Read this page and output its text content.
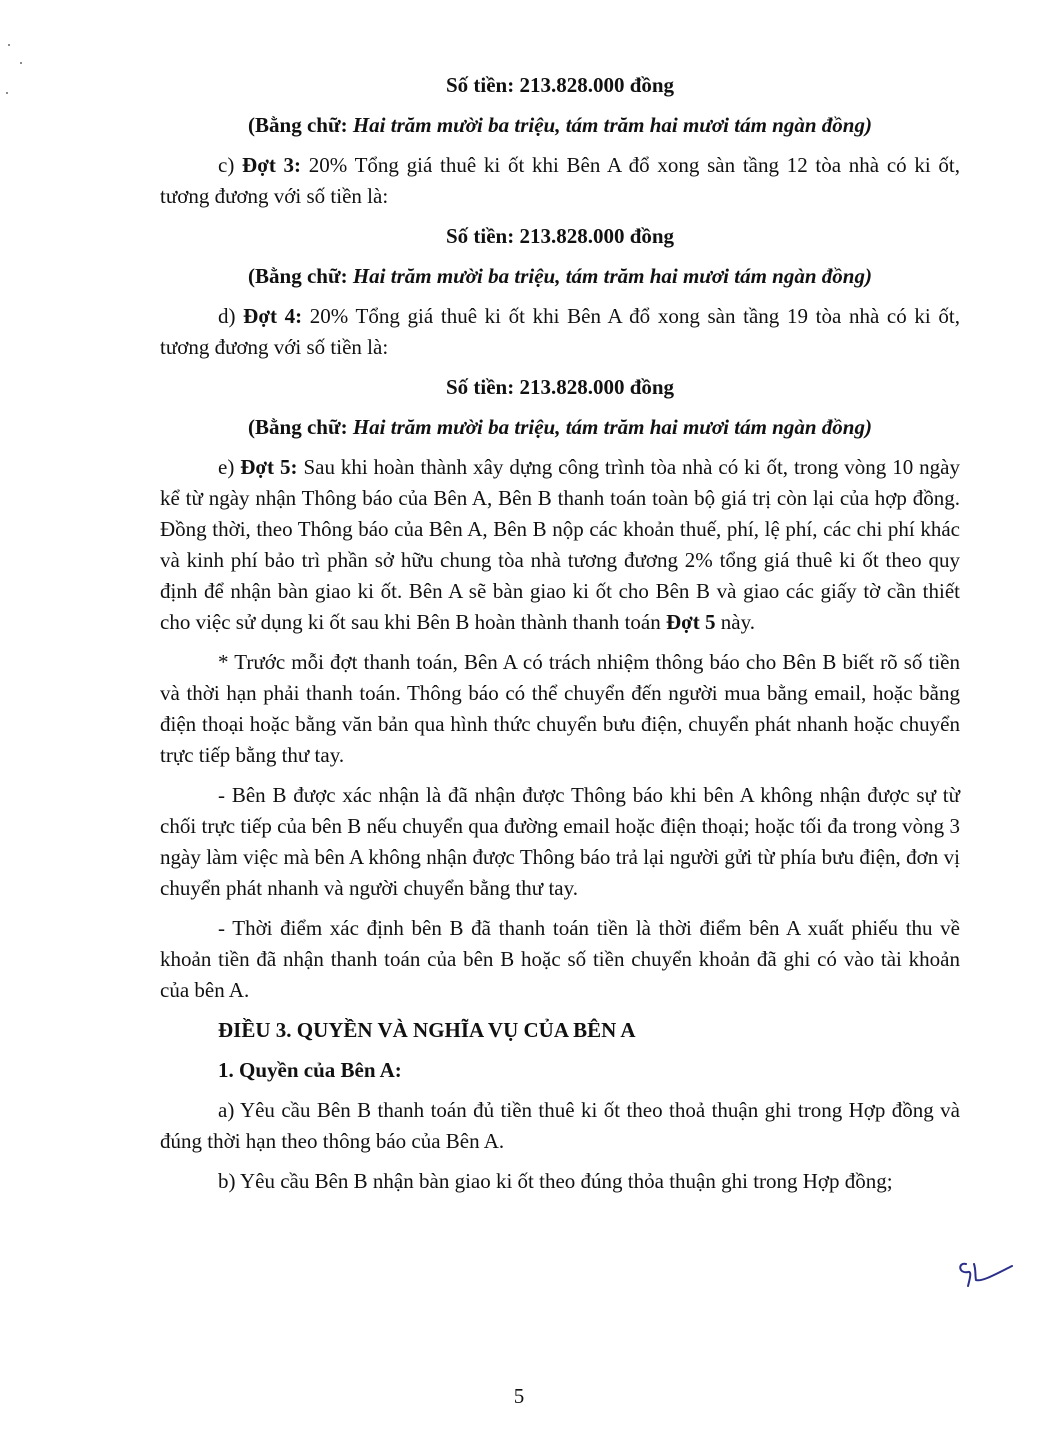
Số tiền: 213.828.000 đồng

(Bằng chữ: Hai trăm mười ba triệu, tám trăm hai mươi tám ngàn đồng)

c) Đợt 3: 20% Tổng giá thuê ki ốt khi Bên A đổ xong sàn tầng 12 tòa nhà có ki ốt, tương đương với số tiền là:

Số tiền: 213.828.000 đồng

(Bằng chữ: Hai trăm mười ba triệu, tám trăm hai mươi tám ngàn đồng)

d) Đợt 4: 20% Tổng giá thuê ki ốt khi Bên A đổ xong sàn tầng 19 tòa nhà có ki ốt, tương đương với số tiền là:

Số tiền: 213.828.000 đồng

(Bằng chữ: Hai trăm mười ba triệu, tám trăm hai mươi tám ngàn đồng)

e) Đợt 5: Sau khi hoàn thành xây dựng công trình tòa nhà có ki ốt, trong vòng 10 ngày kể từ ngày nhận Thông báo của Bên A, Bên B thanh toán toàn bộ giá trị còn lại của hợp đồng. Đồng thời, theo Thông báo của Bên A, Bên B nộp các khoản thuế, phí, lệ phí, các chi phí khác và kinh phí bảo trì phần sở hữu chung tòa nhà tương đương 2% tổng giá thuê ki ốt theo quy định để nhận bàn giao ki ốt. Bên A sẽ bàn giao ki ốt cho Bên B và giao các giấy tờ cần thiết cho việc sử dụng ki ốt sau khi Bên B hoàn thành thanh toán Đợt 5 này.

* Trước mỗi đợt thanh toán, Bên A có trách nhiệm thông báo cho Bên B biết rõ số tiền và thời hạn phải thanh toán. Thông báo có thể chuyển đến người mua bằng email, hoặc bằng điện thoại hoặc bằng văn bản qua hình thức chuyển bưu điện, chuyển phát nhanh hoặc chuyển trực tiếp bằng thư tay.

- Bên B được xác nhận là đã nhận được Thông báo khi bên A không nhận được sự từ chối trực tiếp của bên B nếu chuyển qua đường email hoặc điện thoại; hoặc tối đa trong vòng 3 ngày làm việc mà bên A không nhận được Thông báo trả lại người gửi từ phía bưu điện, đơn vị chuyển phát nhanh và người chuyển bằng thư tay.

- Thời điểm xác định bên B đã thanh toán tiền là thời điểm bên A xuất phiếu thu về khoản tiền đã nhận thanh toán của bên B hoặc số tiền chuyển khoản đã ghi có vào tài khoản của bên A.

ĐIỀU 3. QUYỀN VÀ NGHĨA VỤ CỦA BÊN A

1. Quyền của Bên A:

a) Yêu cầu Bên B thanh toán đủ tiền thuê ki ốt theo thoả thuận ghi trong Hợp đồng và đúng thời hạn theo thông báo của Bên A.

b) Yêu cầu Bên B nhận bàn giao ki ốt theo đúng thỏa thuận ghi trong Hợp đồng;

5
